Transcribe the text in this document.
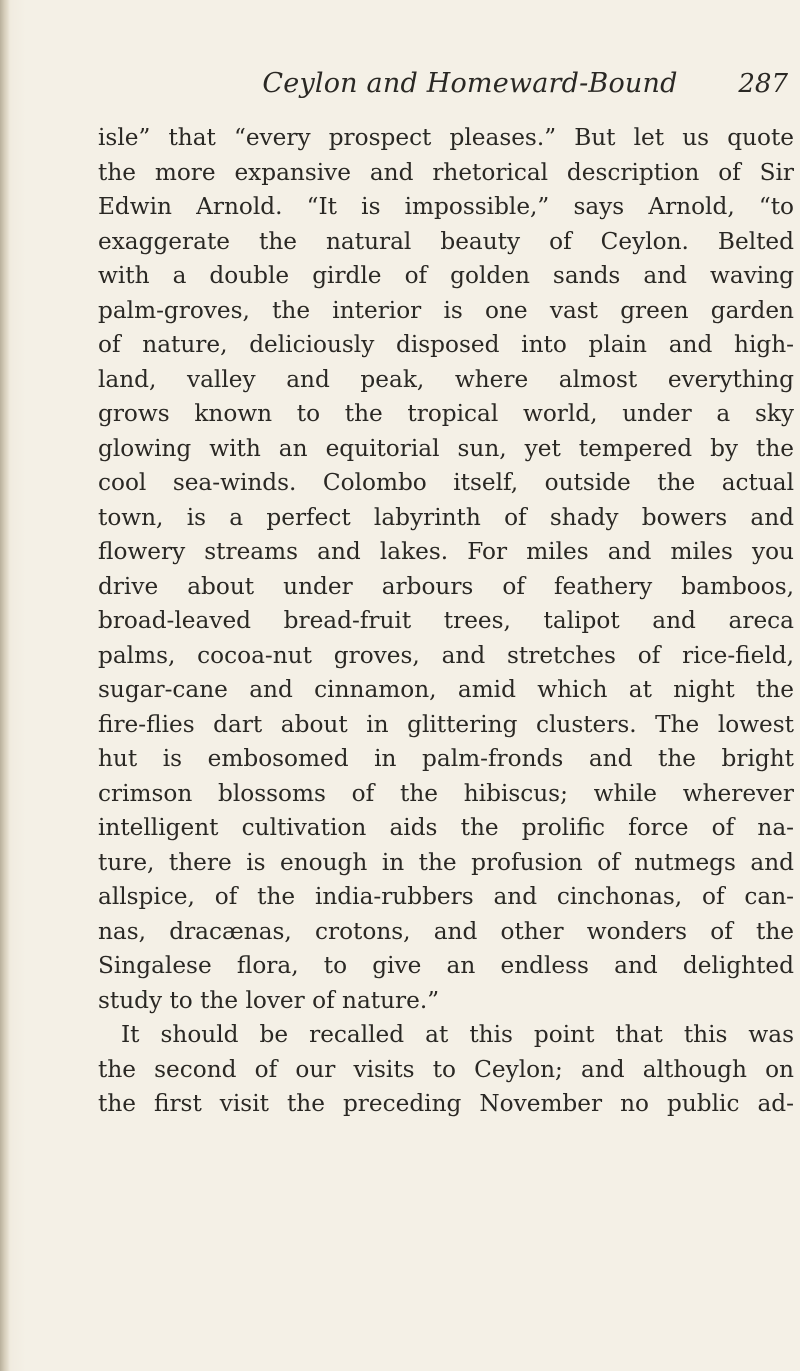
Ceylon and Homeward-Bound 287
isle” that “every prospect pleases.” But let us quote
the more expansive and rhetorical description of Sir
Edwin Arnold. “It is impossible,” says Arnold, “to
exaggerate the natural beauty of Ceylon. Belted
with a double girdle of golden sands and waving
palm-groves, the interior is one vast green garden
of nature, deliciously disposed into plain and high-
land, valley and peak, where almost everything
grows known to the tropical world, under a sky
glowing with an equitorial sun, yet tempered by the
cool sea-winds. Colombo itself, outside the actual
town, is a perfect labyrinth of shady bowers and
flowery streams and lakes. For miles and miles you
drive about under arbours of feathery bamboos,
broad-leaved bread-fruit trees, talipot and areca
palms, cocoa-nut groves, and stretches of rice-field,
sugar-cane and cinnamon, amid which at night the
fire-flies dart about in glittering clusters. The lowest
hut is embosomed in palm-fronds and the bright
crimson blossoms of the hibiscus; while wherever
intelligent cultivation aids the prolific force of na-
ture, there is enough in the profusion of nutmegs and
allspice, of the india-rubbers and cinchonas, of can-
nas, dracænas, crotons, and other wonders of the
Singalese flora, to give an endless and delighted
study to the lover of nature.”
It should be recalled at this point that this was
the second of our visits to Ceylon; and although on
the first visit the preceding November no public ad-
